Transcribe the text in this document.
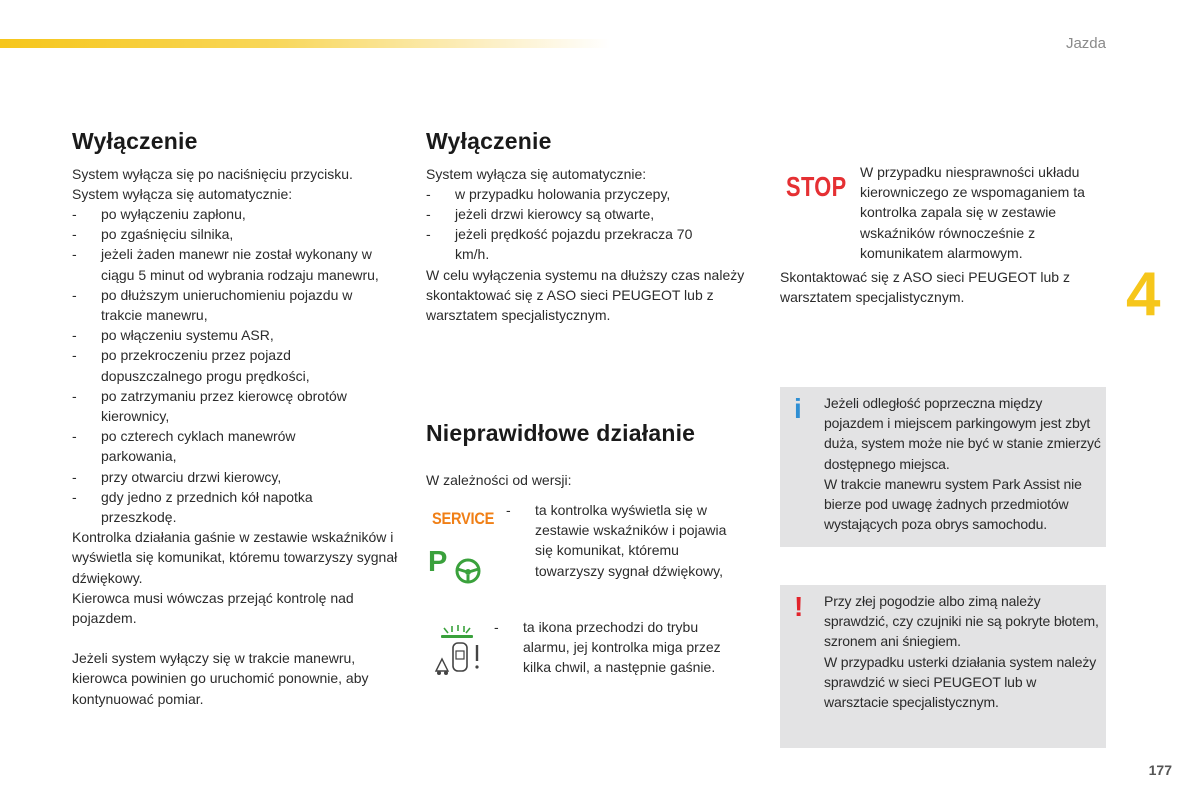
Jazda
4
177
Wyłączenie

System wyłącza się po naciśnięciu przycisku.

System wyłącza się automatycznie:

- po wyłączeniu zapłonu,
- po zgaśnięciu silnika,
- jeżeli żaden manewr nie został wykonany w ciągu 5 minut od wybrania rodzaju manewru,
- po dłuższym unieruchomieniu pojazdu w trakcie manewru,
- po włączeniu systemu ASR,
- po przekroczeniu przez pojazd dopuszczalnego progu prędkości,
- po zatrzymaniu przez kierowcę obrotów kierownicy,
- po czterech cyklach manewrów parkowania,
- przy otwarciu drzwi kierowcy,
- gdy jedno z przednich kół napotka przeszkodę.

Kontrolka działania gaśnie w zestawie wskaźników i wyświetla się komunikat, któremu towarzyszy sygnał dźwiękowy.

Kierowca musi wówczas przejąć kontrolę nad pojazdem.

Jeżeli system wyłączy się w trakcie manewru, kierowca powinien go uruchomić ponownie, aby kontynuować pomiar.

Wyłączenie

System wyłącza się automatycznie:

- w przypadku holowania przyczepy,
- jeżeli drzwi kierowcy są otwarte,
- jeżeli prędkość pojazdu przekracza 70 km/h.

W celu wyłączenia systemu na dłuższy czas należy skontaktować się z ASO sieci PEUGEOT lub z warsztatem specjalistycznym.

Nieprawidłowe działanie

W zależności od wersji:

SERVICE
P
- ta kontrolka wyświetla się w zestawie wskaźników i pojawia się komunikat, któremu towarzyszy sygnał dźwiękowy,
- ta ikona przechodzi do trybu alarmu, jej kontrolka miga przez kilka chwil, a następnie gaśnie.
STOP W przypadku niesprawności układu kierowniczego ze wspomaganiem ta kontrolka zapala się w zestawie wskaźników równocześnie z komunikatem alarmowym.
Skontaktować się z ASO sieci PEUGEOT lub z warsztatem specjalistycznym.
i Jeżeli odległość poprzeczna między pojazdem i miejscem parkingowym jest zbyt duża, system może nie być w stanie zmierzyć dostępnego miejsca.
W trakcie manewru system Park Assist nie bierze pod uwagę żadnych przedmiotów wystających poza obrys samochodu.
! Przy złej pogodzie albo zimą należy sprawdzić, czy czujniki nie są pokryte błotem, szronem ani śniegiem.
W przypadku usterki działania system należy sprawdzić w sieci PEUGEOT lub w warsztacie specjalistycznym.
